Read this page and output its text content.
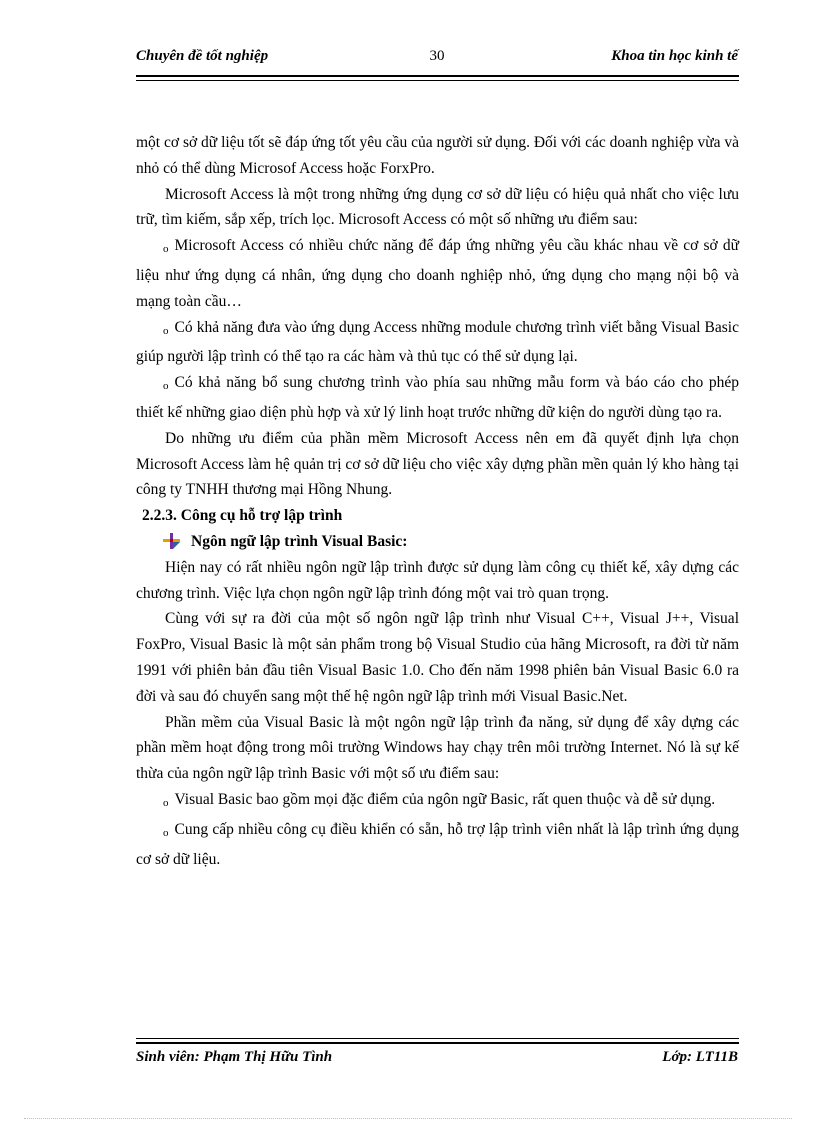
Chuyên đề tốt nghiệp	30	Khoa tin học kinh tế

một cơ sở dữ liệu tốt sẽ đáp ứng tốt yêu cầu của người sử dụng. Đối với các doanh nghiệp vừa và nhỏ có thể dùng Microsof Access hoặc ForxPro.

Microsoft Access là một trong những ứng dụng cơ sở dữ liệu có hiệu quả nhất cho việc lưu trữ, tìm kiếm, sắp xếp, trích lọc. Microsoft Access có một số những ưu điểm sau:

o Microsoft Access có nhiều chức năng để đáp ứng những yêu cầu khác nhau về cơ sở dữ liệu như ứng dụng cá nhân, ứng dụng cho doanh nghiệp nhỏ, ứng dụng cho mạng nội bộ và mạng toàn cầu…

o Có khả năng đưa vào ứng dụng Access những module chương trình viết bằng Visual Basic giúp người lập trình có thể tạo ra các hàm và thủ tục có thể sử dụng lại.

o Có khả năng bổ sung chương trình vào phía sau những mẫu form và báo cáo cho phép thiết kế những giao diện phù hợp và xử lý linh hoạt trước những dữ kiện do người dùng tạo ra.

Do những ưu điểm của phần mềm Microsoft Access nên em đã quyết định lựa chọn Microsoft Access làm hệ quản trị cơ sở dữ liệu cho việc xây dựng phần mền quản lý kho hàng tại công ty TNHH thương mại Hồng Nhung.

2.2.3. Công cụ hỗ trợ lập trình

Ngôn ngữ lập trình Visual Basic:

Hiện nay có rất nhiều ngôn ngữ lập trình được sử dụng làm công cụ thiết kế, xây dựng các chương trình. Việc lựa chọn ngôn ngữ lập trình đóng một vai trò quan trọng.

Cùng với sự ra đời của một số ngôn ngữ lập trình như Visual C++, Visual J++, Visual FoxPro, Visual Basic là một sản phẩm trong bộ Visual Studio của hãng Microsoft, ra đời từ năm 1991 với phiên bản đầu tiên Visual Basic 1.0. Cho đến năm 1998 phiên bản Visual Basic 6.0 ra đời và sau đó chuyển sang một thế hệ ngôn ngữ lập trình mới Visual Basic.Net.

Phần mềm của Visual Basic là một ngôn ngữ lập trình đa năng, sử dụng để xây dựng các phần mềm hoạt động trong môi trường Windows hay chạy trên môi trường Internet. Nó là sự kế thừa của ngôn ngữ lập trình Basic với một số ưu điểm sau:

o Visual Basic bao gồm mọi đặc điểm của ngôn ngữ Basic, rất quen thuộc và dễ sử dụng.

o Cung cấp nhiều công cụ điều khiển có sẵn, hỗ trợ lập trình viên nhất là lập trình ứng dụng cơ sở dữ liệu.

Sinh viên: Phạm Thị Hữu Tình	Lớp: LT11B
